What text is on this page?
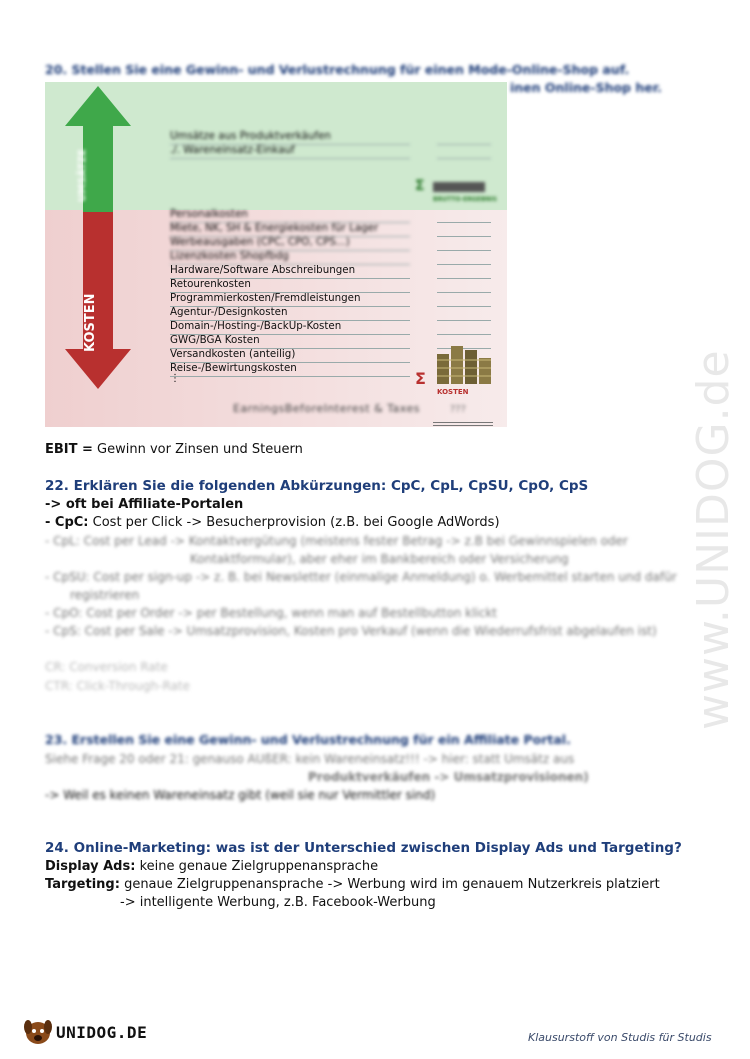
20. Stellen Sie eine Gewinn- und Verlustrechnung für einen Mode-Online-Shop auf.
inen Online-Shop her.
UMSÄTZE
KOSTEN
Umsätze aus Produktverkäufen
./. Wareneinsatz-Einkauf
Σ
BRUTTO-ERGEBNIS
Personalkosten
Miete, NK, SH & Energiekosten für Lager
Werbeausgaben (CPC, CPO, CPS...)
Lizenzkosten Shopfbdg
Hardware/Software Abschreibungen
Retourenkosten
Programmierkosten/Fremdleistungen
Agentur-/Designkosten
Domain-/Hosting-/BackUp-Kosten
GWG/BGA Kosten
Versandkosten (anteilig)
Reise-/Bewirtungskosten
⋮	Σ
KOSTEN
EarningsBeforeInterest & Taxes	???
EBIT = Gewinn vor Zinsen und Steuern
22. Erklären Sie die folgenden Abkürzungen: CpC, CpL, CpSU, CpO, CpS
-> oft bei Affiliate-Portalen
- CpC: Cost per Click -> Besucherprovision (z.B. bei Google AdWords)
- CpL: Cost per Lead -> Kontaktvergütung (meistens fester Betrag -> z.B bei Gewinnspielen oder
Kontaktformular), aber eher im Bankbereich oder Versicherung
- CpSU: Cost per sign-up -> z. B. bei Newsletter (einmalige Anmeldung) o. Werbemittel starten und dafür
registrieren
- CpO: Cost per Order -> per Bestellung, wenn man auf Bestellbutton klickt
- CpS: Cost per Sale -> Umsatzprovision, Kosten pro Verkauf (wenn die Wiederrufsfrist abgelaufen ist)
CR: Conversion Rate
CTR: Click-Through-Rate
23. Erstellen Sie eine Gewinn- und Verlustrechnung für ein Affiliate Portal.
Siehe Frage 20 oder 21: genauso AUßER: kein Wareneinsatz!!! -> hier: statt Umsätz aus
Produktverkäufen -> Umsatzprovisionen)
-> Weil es keinen Wareneinsatz gibt (weil sie nur Vermittler sind)
24. Online-Marketing: was ist der Unterschied zwischen Display Ads und Targeting?
Display Ads: keine genaue Zielgruppenansprache
Targeting: genaue Zielgruppenansprache -> Werbung wird im genauem Nutzerkreis platziert
-> intelligente Werbung, z.B. Facebook-Werbung
www.UNIDOG.de
UNIDOG.DE	Klausurstoff von Studis für Studis
